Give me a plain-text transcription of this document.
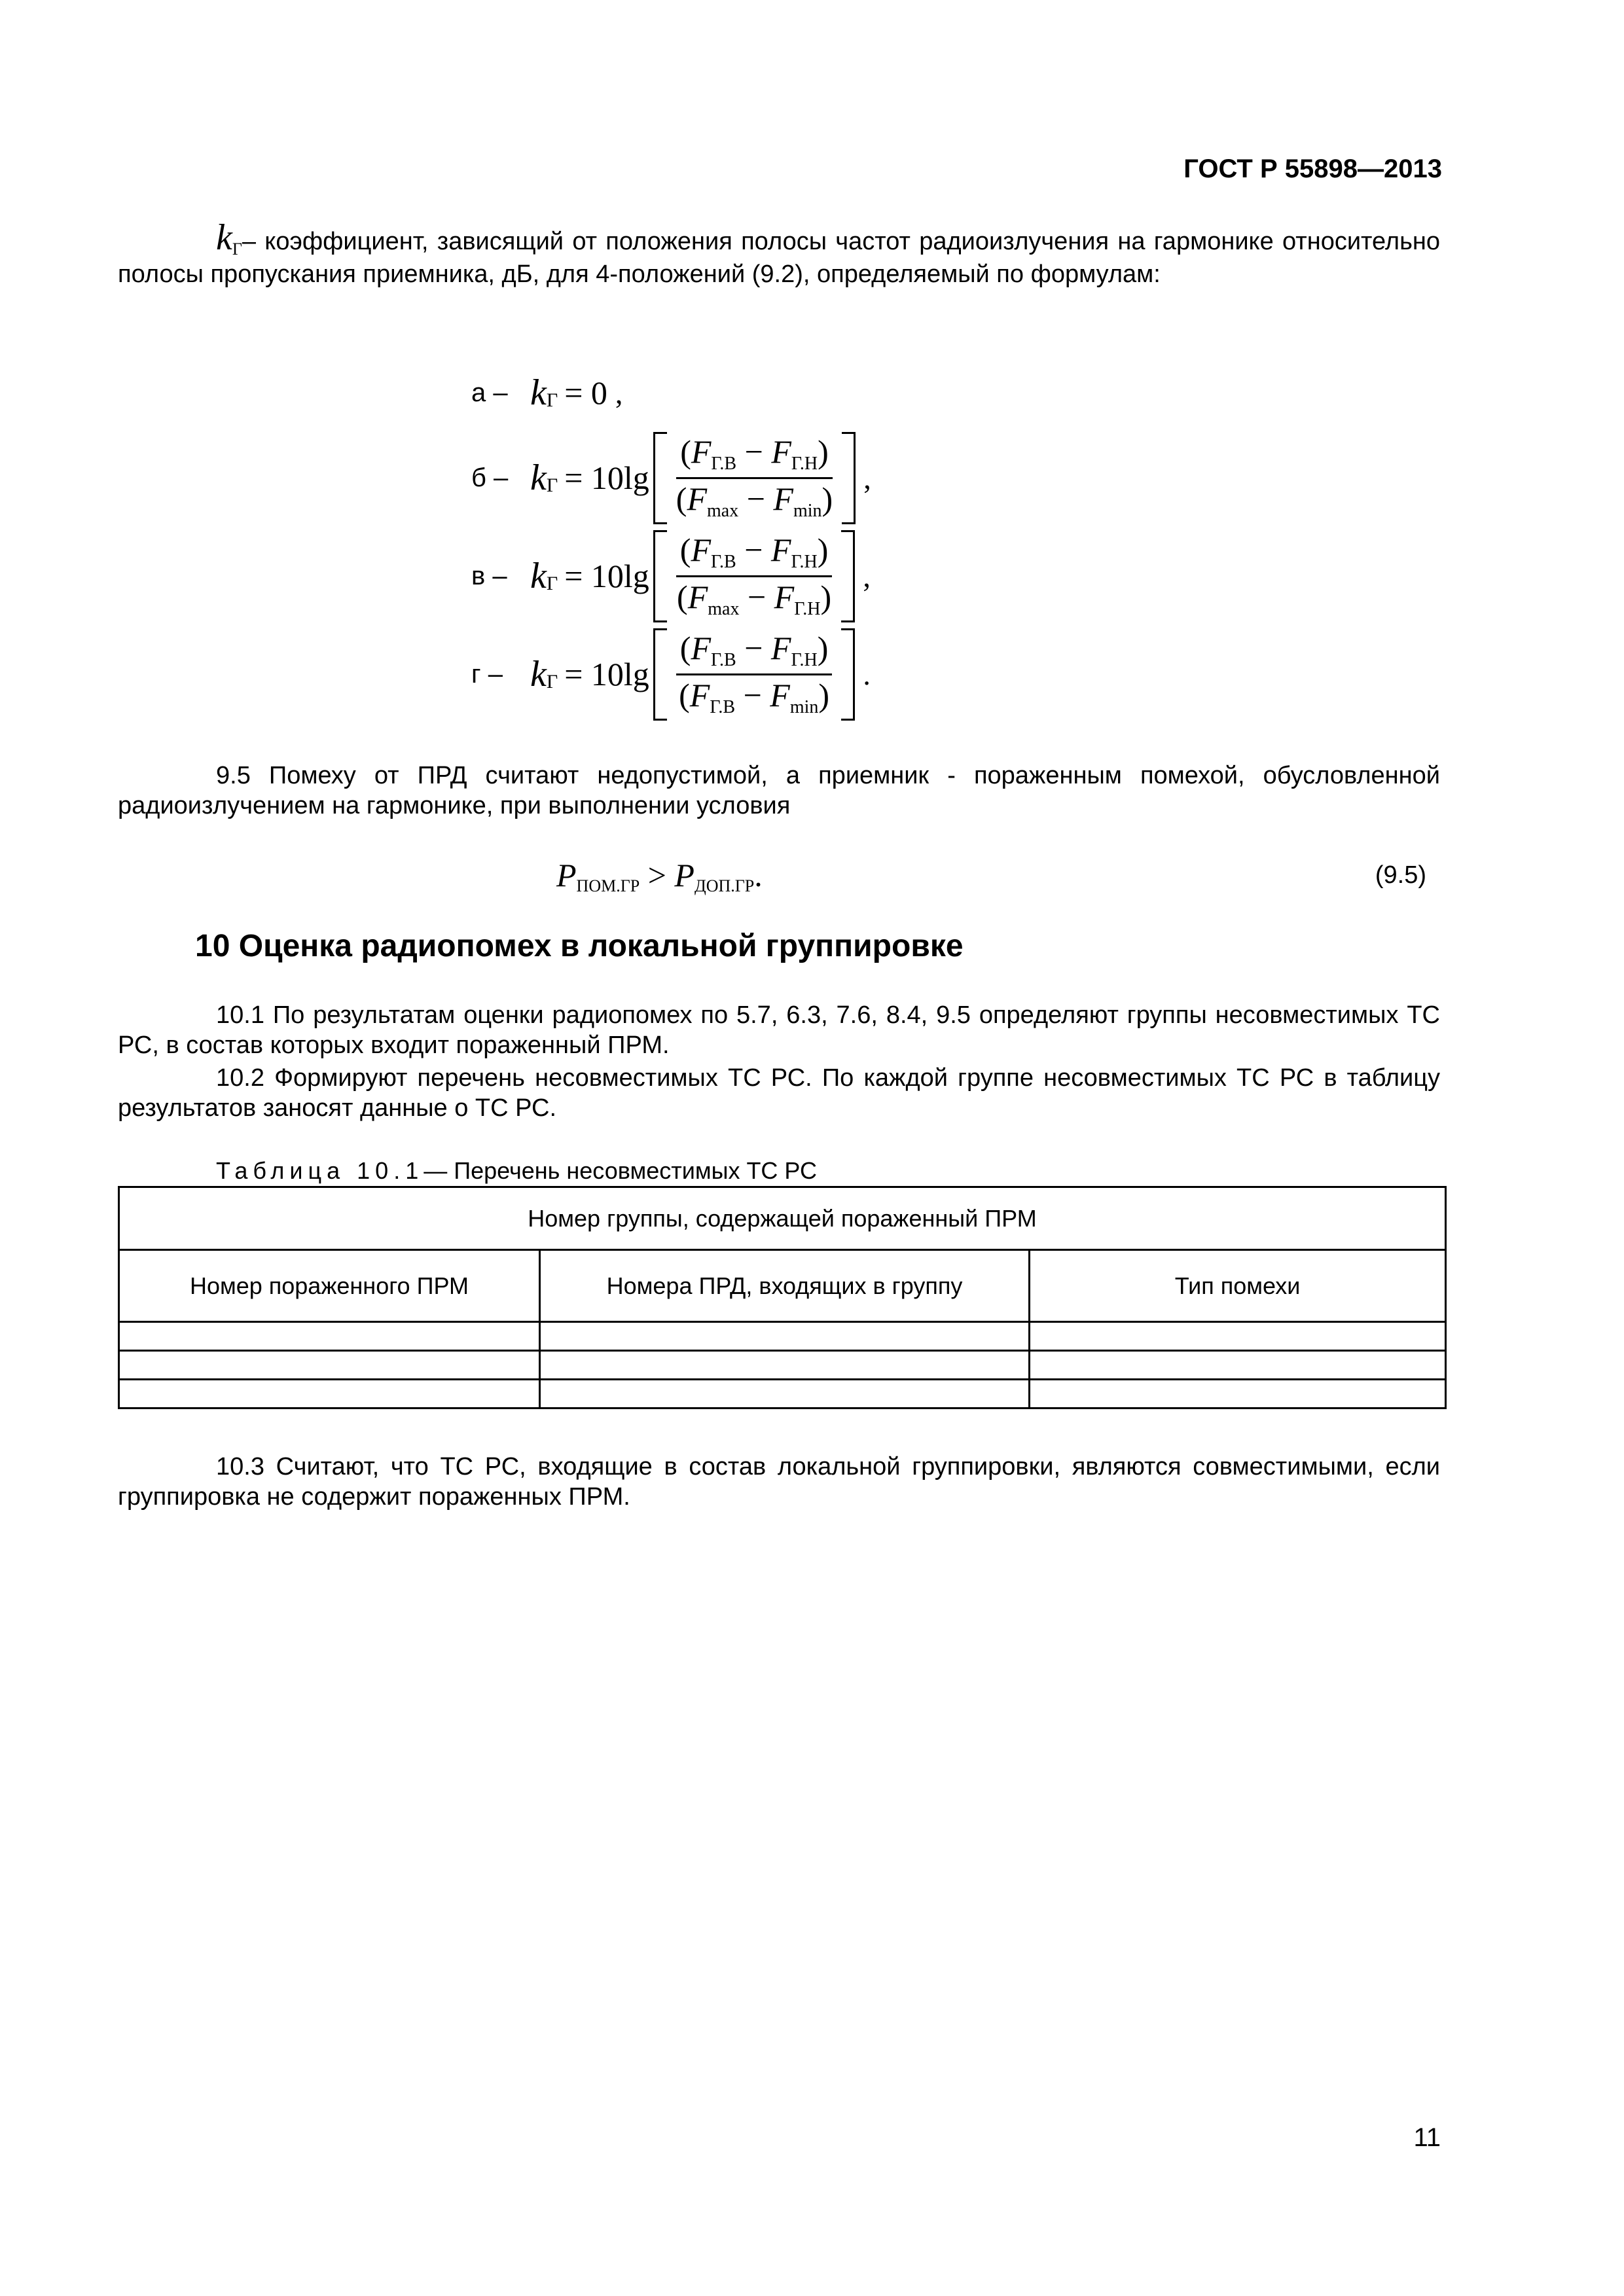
ГОСТ Р 55898—2013

$k_Г-$ коэффициент, зависящий от положения полосы частот радиоизлучения на гармонике относительно полосы пропускания приемника, дБ, для 4-положений (9.2), определяемый по формулам:

а – k Г = 0 ,
б – k $Г = 10\lg \frac{(F_{Г.В} - F_{Г.Н})}{(F_{max} - F_{min})}$ ,
в – k $Г = 10\lg \frac{(F_{Г.В} - F_{Г.Н})}{(F_{max} - F_{Г.Н})}$ ,
г – k $Г = 10\lg \frac{(F_{Г.В} - F_{Г.Н})}{(F_{Г.В} - F_{min})}$ .

9.5 Помеху от ПРД считают недопустимой, а приемник - пораженным помехой, обусловленной радиоизлучением на гармонике, при выполнении условия

PПОМ.ГР > PДОП.ГР.	(9.5)
10 Оценка радиопомех в локальной группировке

10.1 По результатам оценки радиопомех по 5.7, 6.3, 7.6, 8.4, 9.5 определяют группы несовместимых ТС РС, в состав которых входит пораженный ПРМ.

10.2 Формируют перечень несовместимых ТС РС. По каждой группе несовместимых ТС РС в таблицу результатов заносят данные о ТС РС.

Таблица 10.1— Перечень несовместимых ТС РС
Номер группы, содержащей пораженный ПРМ		
Номер пораженного ПРМ	Номера ПРД, входящих в группу	Тип помехи

10.3 Считают, что ТС РС, входящие в состав локальной группировки, являются совместимыми, если группировка не содержит пораженных ПРМ.

11
